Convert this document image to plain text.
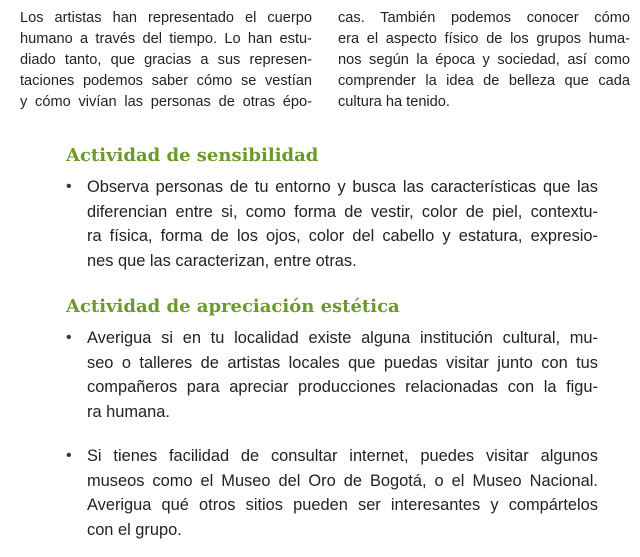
Los artistas han representado el cuerpo
humano a través del tiempo. Lo han estu-
diado tanto, que gracias a sus represen-
taciones podemos saber cómo se vestían
y cómo vivían las personas de otras épo-
cas. También podemos conocer cómo
era el aspecto físico de los grupos huma-
nos según la época y sociedad, así como
comprender la idea de belleza que cada
cultura ha tenido.
Actividad de sensibilidad
• Observa personas de tu entorno y busca las características que las
diferencian entre si, como forma de vestir, color de piel, contextu-
ra física, forma de los ojos, color del cabello y estatura, expresio-
nes que las caracterizan, entre otras.
Actividad de apreciación estética
• Averigua si en tu localidad existe alguna institución cultural, mu-
seo o talleres de artistas locales que puedas visitar junto con tus
compañeros para apreciar producciones relacionadas con la figu-
ra humana.
• Si tienes facilidad de consultar internet, puedes visitar algunos
museos como el Museo del Oro de Bogotá, o el Museo Nacional.
Averigua qué otros sitios pueden ser interesantes y compártelos
con el grupo.
